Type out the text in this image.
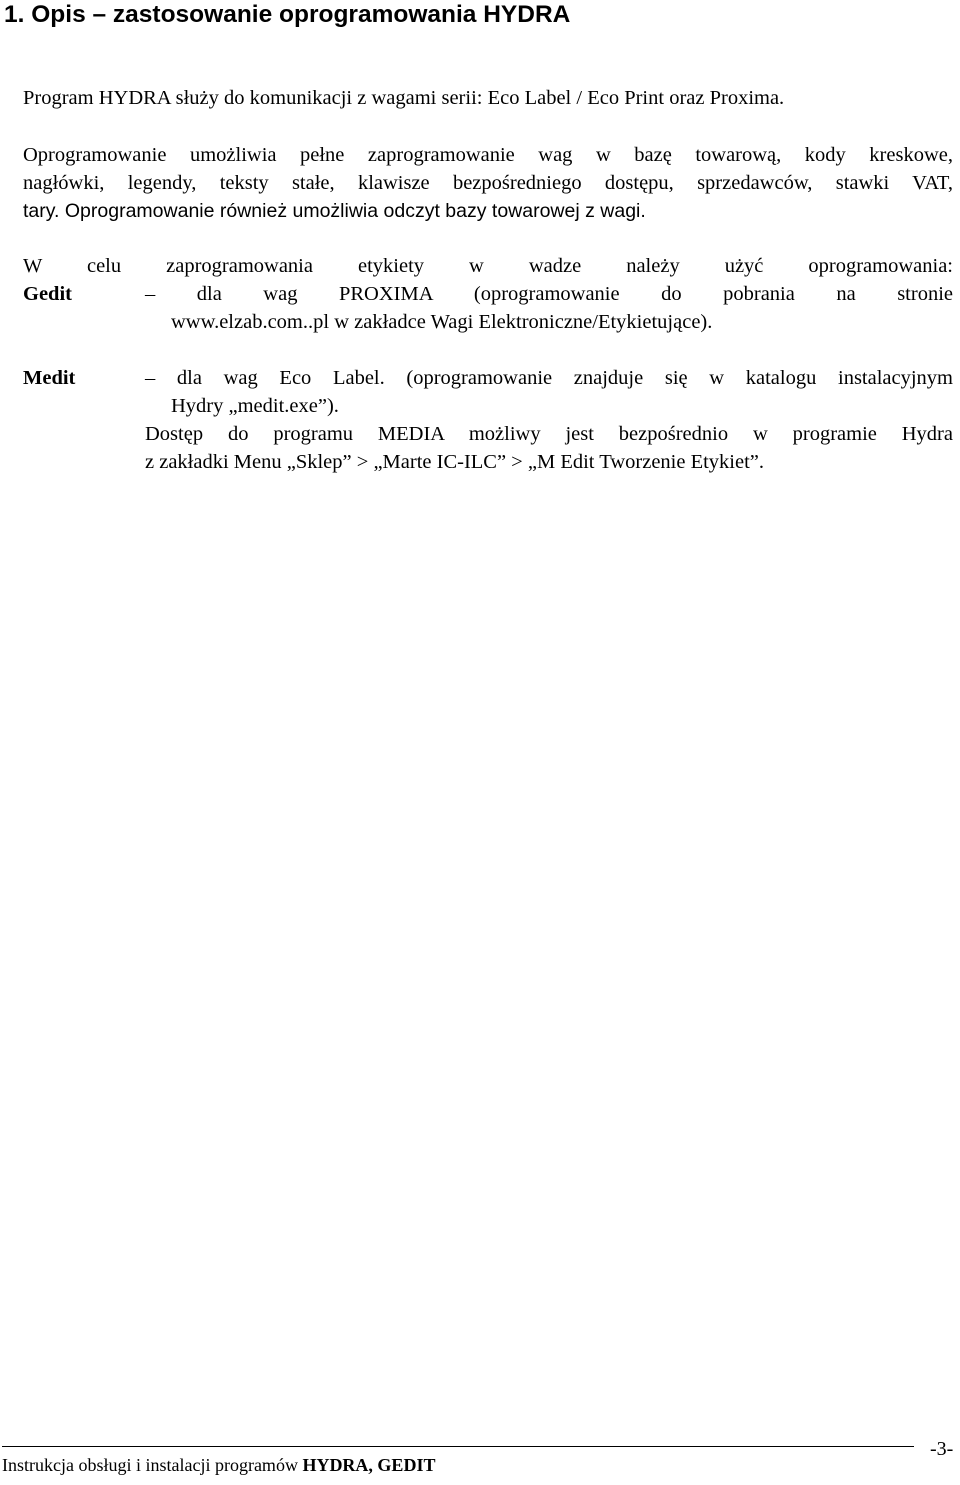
1. Opis – zastosowanie oprogramowania HYDRA

Program HYDRA służy do komunikacji z wagami serii: Eco Label / Eco Print oraz Proxima.

Oprogramowanie umożliwia pełne zaprogramowanie wag w bazę towarową, kody kreskowe,
nagłówki, legendy, teksty stałe, klawisze bezpośredniego dostępu, sprzedawców, stawki VAT,
tary. Oprogramowanie również umożliwia odczyt bazy towarowej z wagi.
W celu zaprogramowania etykiety w wadze należy użyć oprogramowania:
Gedit	– dla wag PROXIMA (oprogramowanie do pobrania na stronie
www.elzab.com..pl w zakładce Wagi Elektroniczne/Etykietujące).
Medit	– dla wag Eco Label. (oprogramowanie znajduje się w katalogu instalacyjnym
Hydry „medit.exe”).
Dostęp do programu MEDIA możliwy jest bezpośrednio w programie Hydra
z zakładki Menu „Sklep” > „Marte IC-ILC” > „M Edit Tworzenie Etykiet”.
Instrukcja obsługi i instalacji programów HYDRA, GEDIT
-3-
